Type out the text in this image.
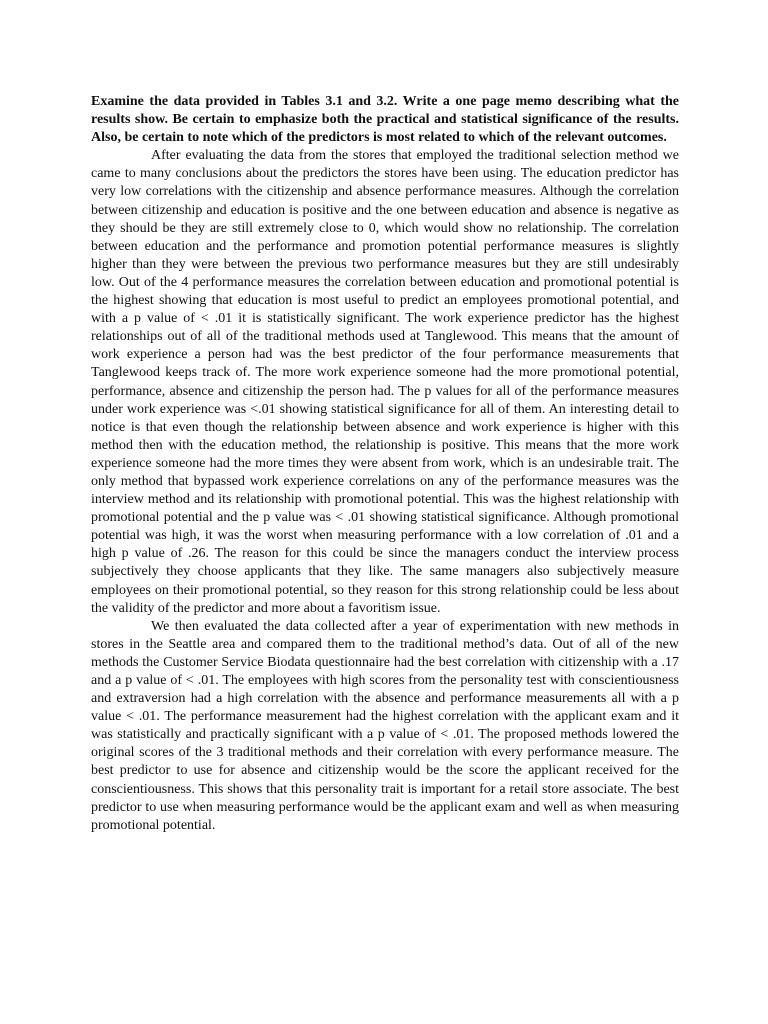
Examine the data provided in Tables 3.1 and 3.2. Write a one page memo describing what the results show. Be certain to emphasize both the practical and statistical significance of the results. Also, be certain to note which of the predictors is most related to which of the relevant outcomes.

After evaluating the data from the stores that employed the traditional selection method we came to many conclusions about the predictors the stores have been using. The education predictor has very low correlations with the citizenship and absence performance measures. Although the correlation between citizenship and education is positive and the one between education and absence is negative as they should be they are still extremely close to 0, which would show no relationship. The correlation between education and the performance and promotion potential performance measures is slightly higher than they were between the previous two performance measures but they are still undesirably low. Out of the 4 performance measures the correlation between education and promotional potential is the highest showing that education is most useful to predict an employees promotional potential, and with a p value of < .01 it is statistically significant. The work experience predictor has the highest relationships out of all of the traditional methods used at Tanglewood. This means that the amount of work experience a person had was the best predictor of the four performance measurements that Tanglewood keeps track of. The more work experience someone had the more promotional potential, performance, absence and citizenship the person had. The p values for all of the performance measures under work experience was <.01 showing statistical significance for all of them. An interesting detail to notice is that even though the relationship between absence and work experience is higher with this method then with the education method, the relationship is positive. This means that the more work experience someone had the more times they were absent from work, which is an undesirable trait. The only method that bypassed work experience correlations on any of the performance measures was the interview method and its relationship with promotional potential. This was the highest relationship with promotional potential and the p value was < .01 showing statistical significance. Although promotional potential was high, it was the worst when measuring performance with a low correlation of .01 and a high p value of .26. The reason for this could be since the managers conduct the interview process subjectively they choose applicants that they like. The same managers also subjectively measure employees on their promotional potential, so they reason for this strong relationship could be less about the validity of the predictor and more about a favoritism issue.

We then evaluated the data collected after a year of experimentation with new methods in stores in the Seattle area and compared them to the traditional method’s data. Out of all of the new methods the Customer Service Biodata questionnaire had the best correlation with citizenship with a .17 and a p value of < .01. The employees with high scores from the personality test with conscientiousness and extraversion had a high correlation with the absence and performance measurements all with a p value < .01. The performance measurement had the highest correlation with the applicant exam and it was statistically and practically significant with a p value of < .01. The proposed methods lowered the original scores of the 3 traditional methods and their correlation with every performance measure. The best predictor to use for absence and citizenship would be the score the applicant received for the conscientiousness. This shows that this personality trait is important for a retail store associate. The best predictor to use when measuring performance would be the applicant exam and well as when measuring promotional potential.
